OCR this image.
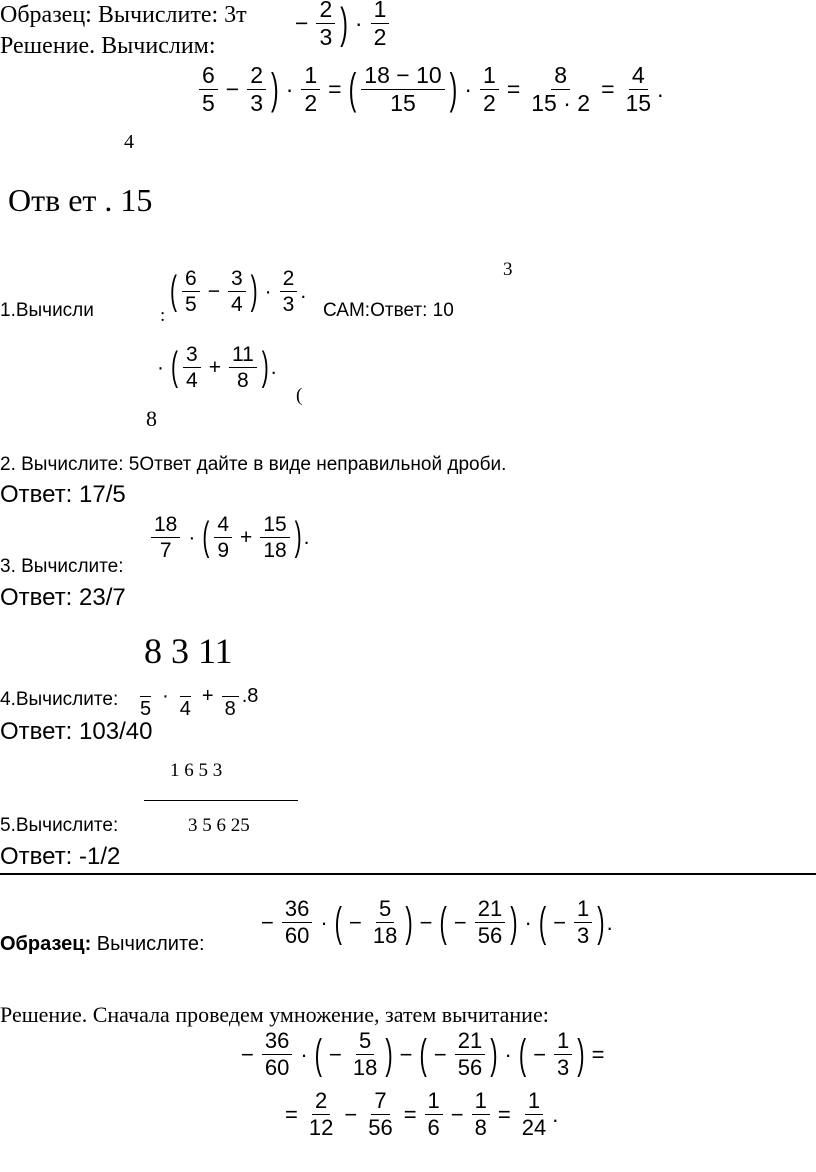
Образец: Вычислите: $3т - \frac{2}{3}$ ) ·
1
2
Решение. Вычислим:
6
5
− $\frac{2}{3}$ ) · $\frac{1}{2}$ = ( 18 − 10
15 ) · $\frac{1}{2} = \frac{8}{15 \cdot 2} = \frac{4}{15}$ .
4
Отв ет . 15
3
1.Вычисли	:
( 6
5
− $\frac{3}{4}$ ) ·
2
3
.
САМ:Ответ: 10
· ( 3
4
+ $\frac{11}{8}$ ) .
(
8
2. Вычислите: 5Ответ дайте в виде неправильной дроби.
Ответ: 17/5
18
7
· ( 4
9
+ $\frac{15}{18}$ ) .
3. Вычислите:
Ответ: 23/7
8 3 11
4.Вычислите:
5
·

4
+

8
. 8
Ответ: 103/40
1 6 5 3
5.Вычислите:	3 5 6 25
Ответ: -1/2
Образец: Вычислите:
− $\frac{36}{60}$ · ( − $\frac{5}{18}$ ) − ( − $\frac{21}{56}$ ) · ( − $\frac{1}{3}$ ) .
Решение. Сначала проведем умножение, затем вычитание:
− $\frac{36}{60}$ · ( − $\frac{5}{18}$ ) − ( − $\frac{21}{56}$ ) · ( − $\frac{1}{3}$ ) =
= $\frac{2}{12} - \frac{7}{56} = \frac{1}{6} - \frac{1}{8} = \frac{1}{24}$ .
